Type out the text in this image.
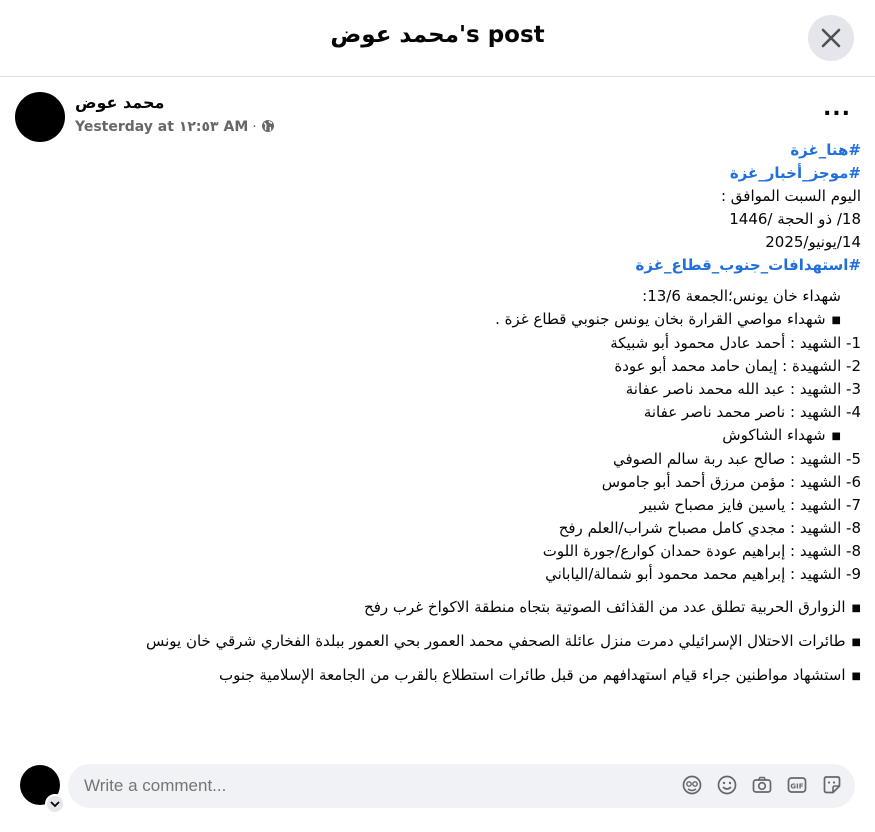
محمد عوض's post
محمد عوض
Yesterday at ١٢:٥٣ AM ·
...
#هنا_غزة
#موجز_أخبار_غزة
اليوم السبت الموافق :
18/ ذو الحجة /1446
14/يونيو/2025
#استهدافات_جنوب_قطاع_غزة
شهداء خان يونس؛الجمعة 13/6:
■شهداء مواصي القرارة بخان يونس جنوبي قطاع غزة .
1- الشهيد : أحمد عادل محمود أبو شبيكة
2- الشهيدة : إيمان حامد محمد أبو عودة
3- الشهيد : عبد الله محمد ناصر عفانة
4- الشهيد : ناصر محمد ناصر عفانة
■شهداء الشاكوش
5- الشهيد : صالح عبد ربة سالم الصوفي
6- الشهيد : مؤمن مرزق أحمد أبو جاموس
7- الشهيد : ياسين فايز مصباح شبير
8- الشهيد : مجدي كامل مصباح شراب/العلم رفح
8- الشهيد : إبراهيم عودة حمدان كوارع/جورة اللوت
9- الشهيد : إبراهيم محمد محمود أبو شمالة/الياباني
■الزوارق الحربية تطلق عدد من القذائف الصوتية بتجاه منطقة الاكواخ غرب رفح
■طائرات الاحتلال الإسرائيلي دمرت منزل عائلة الصحفي محمد العمور بحي العمور ببلدة الفخاري شرقي خان يونس
■استشهاد مواطنين جراء قيام استهدافهم من قبل طائرات استطلاع بالقرب من الجامعة الإسلامية جنوب
Write a comment...
GIF
